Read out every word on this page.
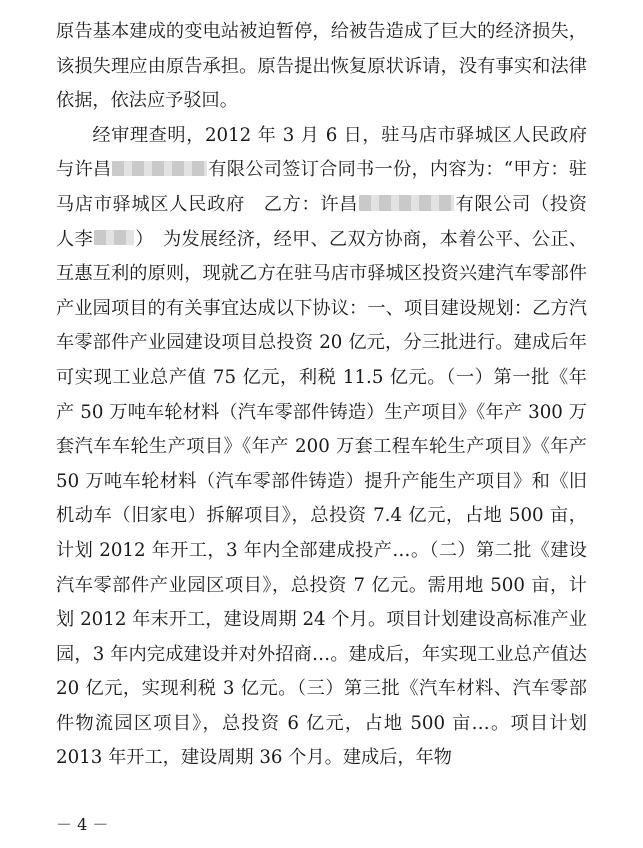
原告基本建成的变电站被迫暂停，给被告造成了巨大的经济损失，该损失理应由原告承担。原告提出恢复原状诉请，没有事实和法律依据，依法应予驳回。

经审理查明，2012 年 3 月 6 日，驻马店市驿城区人民政府与许昌	有限公司签订合同书一份，内容为：“甲方：驻马店市驿城区人民政府　乙方：许昌	有限公司（投资人李 ）　为发展经济，经甲、乙双方协商，本着公平、公正、互惠互利的原则，现就乙方在驻马店市驿城区投资兴建汽车零部件产业园项目的有关事宜达成以下协议：一、项目建设规划：乙方汽车零部件产业园建设项目总投资 20 亿元，分三批进行。建成后年可实现工业总产值 75 亿元，利税 11.5 亿元。（一）第一批《年产 50 万吨车轮材料（汽车零部件铸造）生产项目》《年产 300 万套汽车车轮生产项目》《年产 200 万套工程车轮生产项目》《年产 50 万吨车轮材料（汽车零部件铸造）提升产能生产项目》和《旧机动车（旧家电）拆解项目》，总投资 7.4 亿元，占地 500 亩，计划 2012 年开工，3 年内全部建成投产…。（二）第二批《建设汽车零部件产业园区项目》，总投资 7 亿元。需用地 500 亩，计划 2012 年末开工，建设周期 24 个月。项目计划建设高标准产业园，3 年内完成建设并对外招商…。建成后，年实现工业总产值达 20 亿元，实现利税 3 亿元。（三）第三批《汽车材料、汽车零部件物流园区项目》，总投资 6 亿元，占地 500 亩…。项目计划 2013 年开工，建设周期 36 个月。建成后，年物

－ 4 －
